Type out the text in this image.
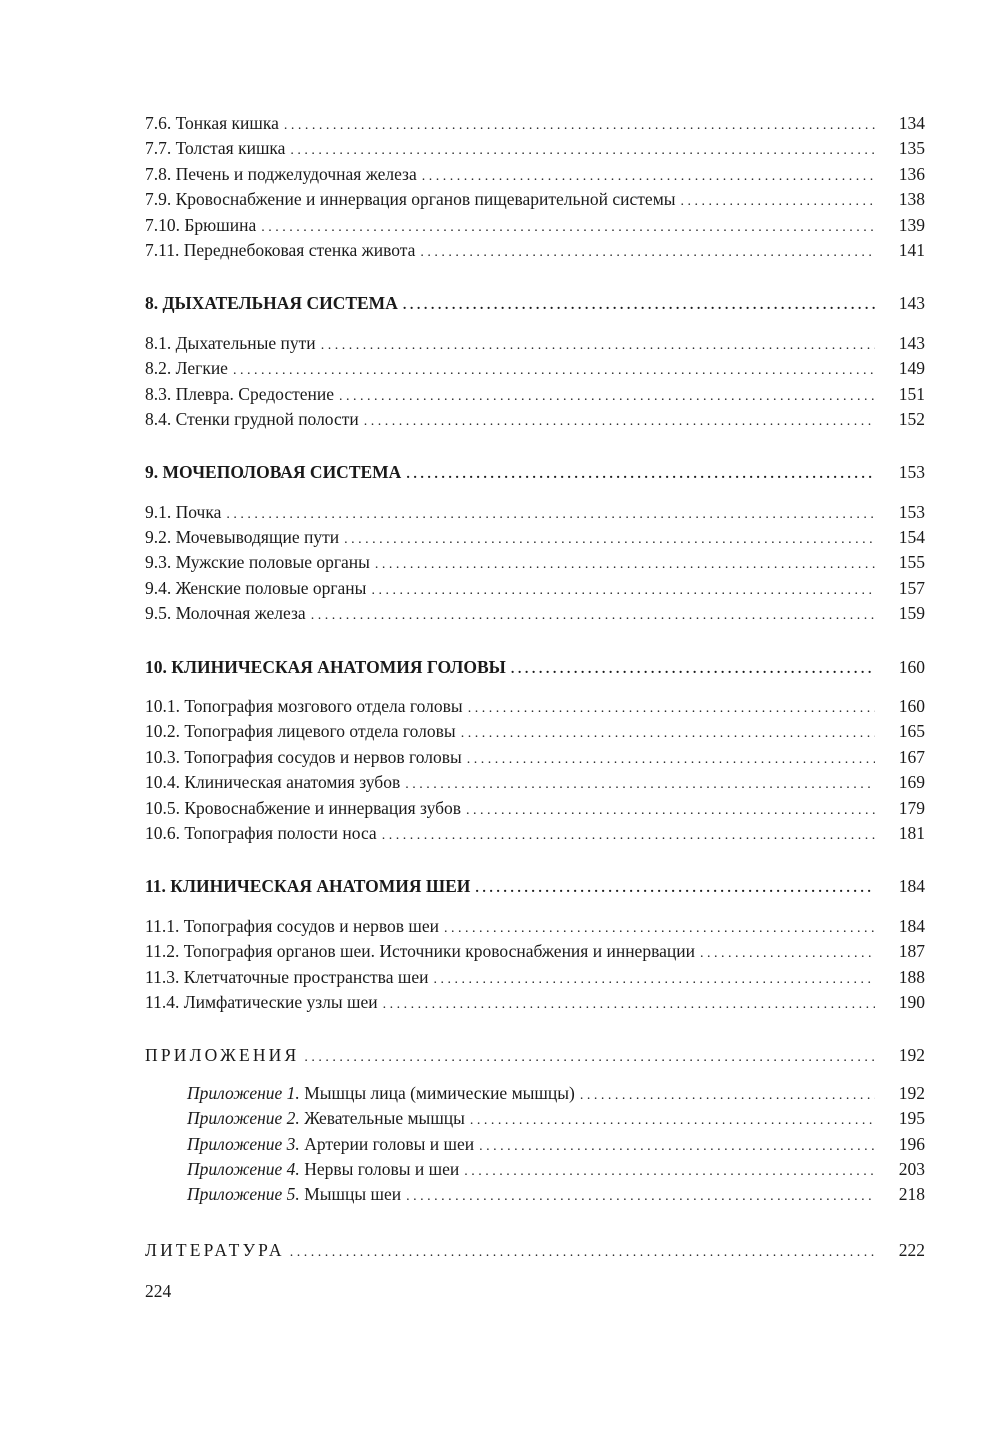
7.6. Тонкая кишка . . .	134
7.7. Толстая кишка . . .	135
7.8. Печень и поджелудочная железа . . .	136
7.9. Кровоснабжение и иннервация органов пищеварительной системы . . .	138
7.10. Брюшина . . .	139
7.11. Переднебоковая стенка живота . . .	141
8. ДЫХАТЕЛЬНАЯ СИСТЕМА . . .	143
8.1. Дыхательные пути . . .	143
8.2. Легкие . . .	149
8.3. Плевра. Средостение . . .	151
8.4. Стенки грудной полости . . .	152
9. МОЧЕПОЛОВАЯ СИСТЕМА . . .	153
9.1. Почка . . .	153
9.2. Мочевыводящие пути . . .	154
9.3. Мужские половые органы . . .	155
9.4. Женские половые органы . . .	157
9.5. Молочная железа . . .	159
10. КЛИНИЧЕСКАЯ АНАТОМИЯ ГОЛОВЫ . . .	160
10.1. Топография мозгового отдела головы . . .	160
10.2. Топография лицевого отдела головы . . .	165
10.3. Топография сосудов и нервов головы . . .	167
10.4. Клиническая анатомия зубов . . .	169
10.5. Кровоснабжение и иннервация зубов . . .	179
10.6. Топография полости носа . . .	181
11. КЛИНИЧЕСКАЯ АНАТОМИЯ ШЕИ . . .	184
11.1. Топография сосудов и нервов шеи . . .	184
11.2. Топография органов шеи. Источники кровоснабжения и иннервации . . .	187
11.3. Клетчаточные пространства шеи . . .	188
11.4. Лимфатические узлы шеи . . .	190
ПРИЛОЖЕНИЯ . . .	192
Приложение 1. Мышцы лица (мимические мышцы) . . .	192
Приложение 2. Жевательные мышцы . . .	195
Приложение 3. Артерии головы и шеи . . .	196
Приложение 4. Нервы головы и шеи . . .	203
Приложение 5. Мышцы шеи . . .	218
ЛИТЕРАТУРА . . .	222
224
